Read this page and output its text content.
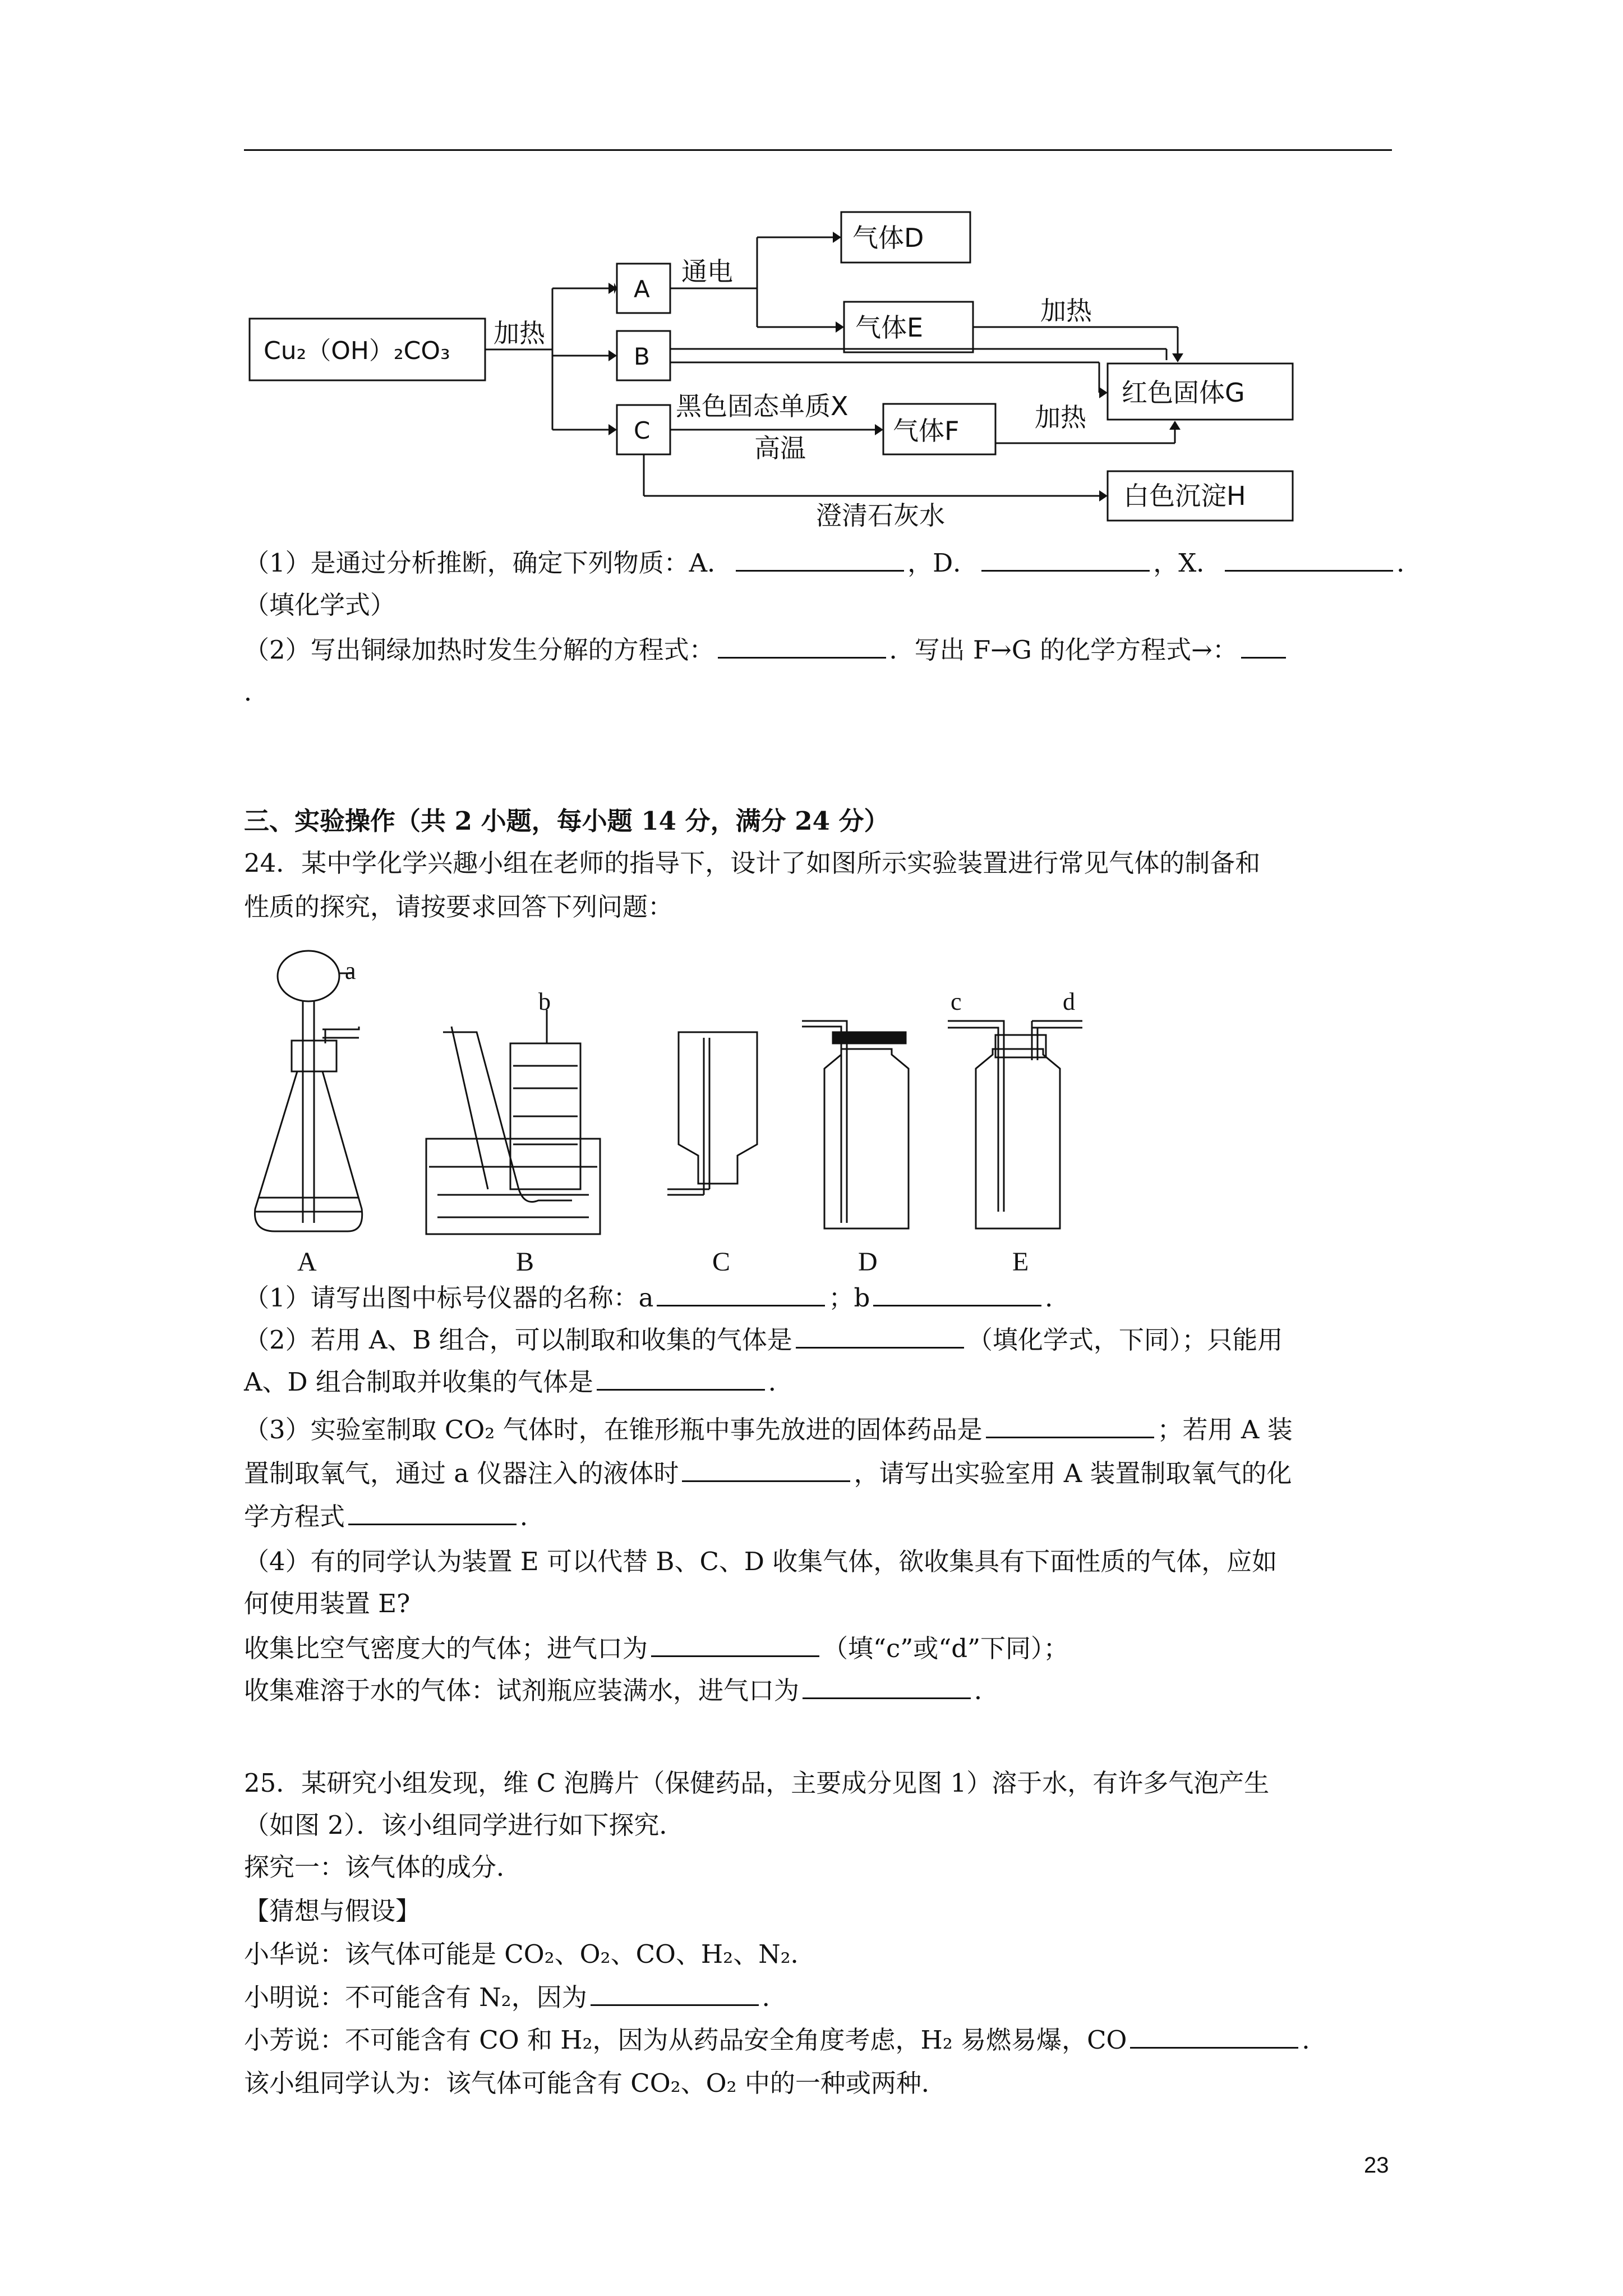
Cu₂（OH）₂CO₃
加热
A
B
C
通电
气体D
气体E
加热
黑色固态单质X
高温
气体F	加热
红色固体G
澄清石灰水
白色沉淀H
（1）是通过分析推断，确定下列物质：A．	，D．	，X．	．
（填化学式）
（2）写出铜绿加热时发生分解的方程式：	．写出 F→G 的化学方程式→：
．
三、实验操作（共 2 小题，每小题 14 分，满分 24 分）
24．某中学化学兴趣小组在老师的指导下，设计了如图所示实验装置进行常见气体的制备和
性质的探究，请按要求回答下列问题：
a
b	c	d
A	B	C	D	E
（1）请写出图中标号仪器的名称：a	；b	．
（2）若用 A、B 组合，可以制取和收集的气体是	（填化学式，下同）；只能用
A、D 组合制取并收集的气体是	．
（3）实验室制取 CO₂ 气体时，在锥形瓶中事先放进的固体药品是	；若用 A 装
置制取氧气，通过 a 仪器注入的液体时	，请写出实验室用 A 装置制取氧气的化
学方程式	．
（4）有的同学认为装置 E 可以代替 B、C、D 收集气体，欲收集具有下面性质的气体，应如
何使用装置 E?
收集比空气密度大的气体；进气口为	（填“c”或“d”下同）；
收集难溶于水的气体：试剂瓶应装满水，进气口为	．
25．某研究小组发现，维 C 泡腾片（保健药品，主要成分见图 1）溶于水，有许多气泡产生
（如图 2）．该小组同学进行如下探究．
探究一：该气体的成分．
【猜想与假设】
小华说：该气体可能是 CO₂、O₂、CO、H₂、N₂．
小明说：不可能含有 N₂，因为	．
小芳说：不可能含有 CO 和 H₂，因为从药品安全角度考虑，H₂ 易燃易爆，CO	．
该小组同学认为：该气体可能含有 CO₂、O₂ 中的一种或两种．
23
